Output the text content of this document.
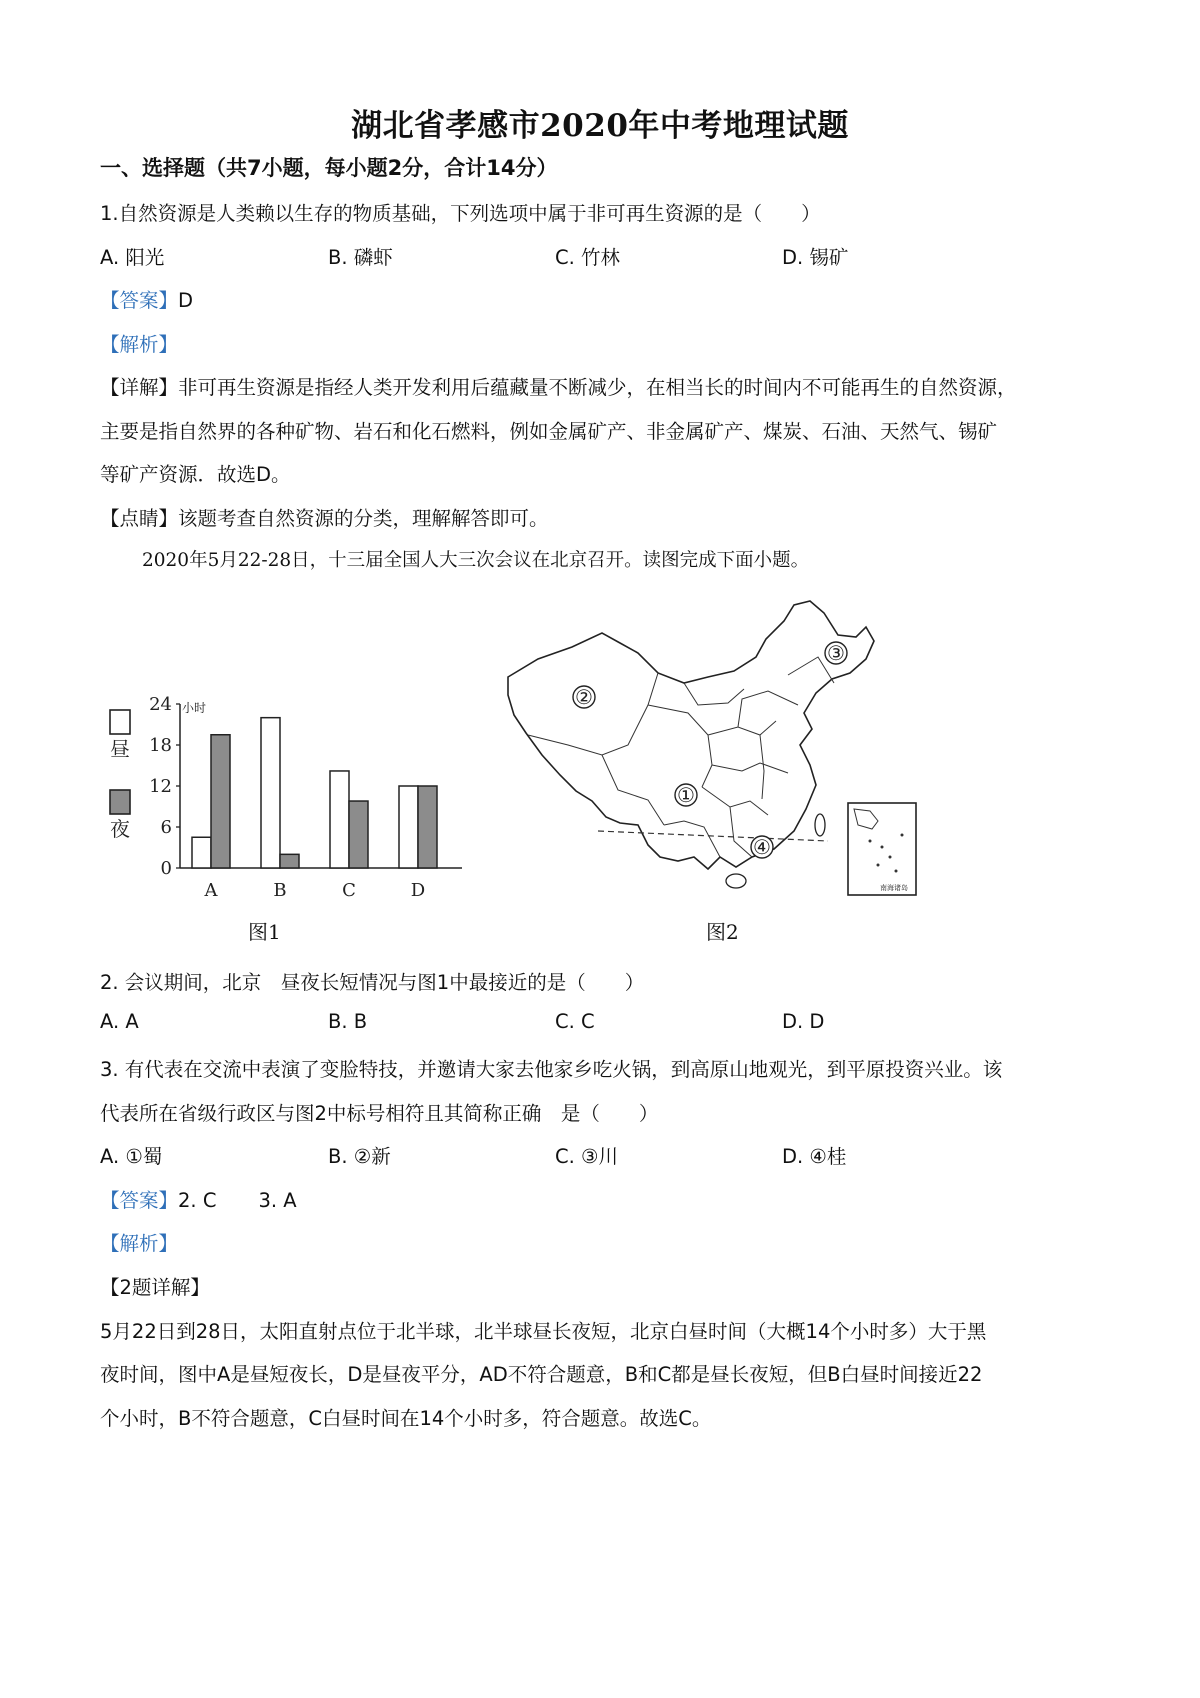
湖北省孝感市2020年中考地理试题
一、选择题（共7小题，每小题2分，合计14分）
1.自然资源是人类赖以生存的物质基础，下列选项中属于非可再生资源的是（　　）
A. 阳光	B. 磷虾	C. 竹林	D. 锡矿
【答案】D
【解析】
【详解】非可再生资源是指经人类开发利用后蕴藏量不断减少，在相当长的时间内不可能再生的自然资源，
主要是指自然界的各种矿物、岩石和化石燃料，例如金属矿产、非金属矿产、煤炭、石油、天然气、锡矿
等矿产资源．故选D。
【点睛】该题考查自然资源的分类，理解解答即可。
2020年5月22-28日，十三届全国人大三次会议在北京召开。读图完成下面小题。
昼
夜
小时
0
6
12
18
24
A	B	C	D
图1
①
②
③
④
南海诸岛
图2
2. 会议期间，北京　昼夜长短情况与图1中最接近的是（　　）
A. A	B. B	C. C	D. D
3. 有代表在交流中表演了变脸特技，并邀请大家去他家乡吃火锅，到高原山地观光，到平原投资兴业。该
代表所在省级行政区与图2中标号相符且其简称正确　是（　　）
A. ①蜀	B. ②新	C. ③川	D. ④桂
【答案】2. C 3. A
【解析】
【2题详解】
5月22日到28日，太阳直射点位于北半球，北半球昼长夜短，北京白昼时间（大概14个小时多）大于黑
夜时间，图中A是昼短夜长，D是昼夜平分，AD不符合题意，B和C都是昼长夜短，但B白昼时间接近22
个小时，B不符合题意，C白昼时间在14个小时多，符合题意。故选C。
